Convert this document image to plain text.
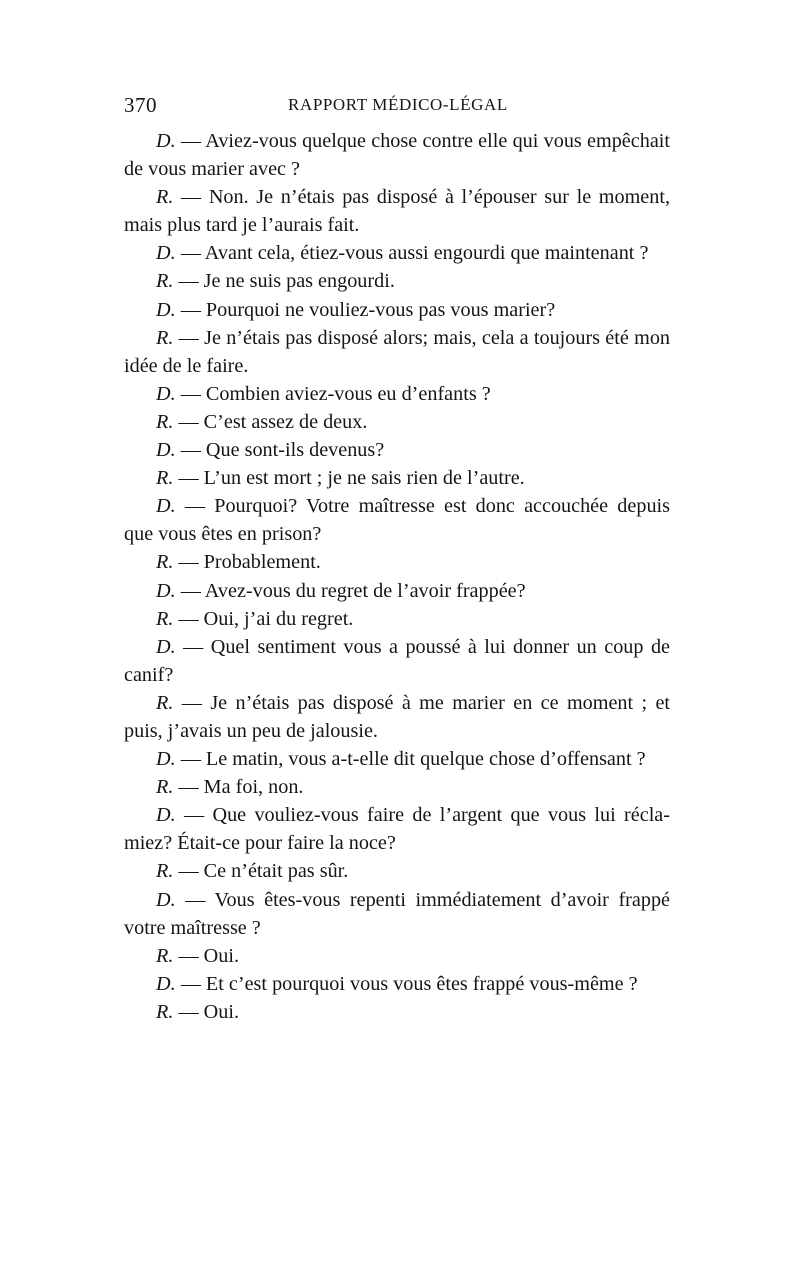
370	RAPPORT MÉDICO-LÉGAL

D. — Aviez-vous quelque chose contre elle qui vous empêchait de vous marier avec ?

R. — Non. Je n’étais pas disposé à l’épouser sur le moment, mais plus tard je l’aurais fait.

D. — Avant cela, étiez-vous aussi engourdi que maintenant ?

R. — Je ne suis pas engourdi.

D. — Pourquoi ne vouliez-vous pas vous marier?

R. — Je n’étais pas disposé alors; mais, cela a toujours été mon idée de le faire.

D. — Combien aviez-vous eu d’enfants ?

R. — C’est assez de deux.

D. — Que sont-ils devenus?

R. — L’un est mort ; je ne sais rien de l’autre.

D. — Pourquoi? Votre maîtresse est donc accouchée depuis que vous êtes en prison?

R. — Probablement.

D. — Avez-vous du regret de l’avoir frappée?

R. — Oui, j’ai du regret.

D. — Quel sentiment vous a poussé à lui donner un coup de canif?

R. — Je n’étais pas disposé à me marier en ce moment ; et puis, j’avais un peu de jalousie.

D. — Le matin, vous a-t-elle dit quelque chose d’offensant ?

R. — Ma foi, non.

D. — Que vouliez-vous faire de l’argent que vous lui réclamiez? Était-ce pour faire la noce?

R. — Ce n’était pas sûr.

D. — Vous êtes-vous repenti immédiatement d’avoir frappé votre maîtresse ?

R. — Oui.

D. — Et c’est pourquoi vous vous êtes frappé vous-même ?

R. — Oui.
